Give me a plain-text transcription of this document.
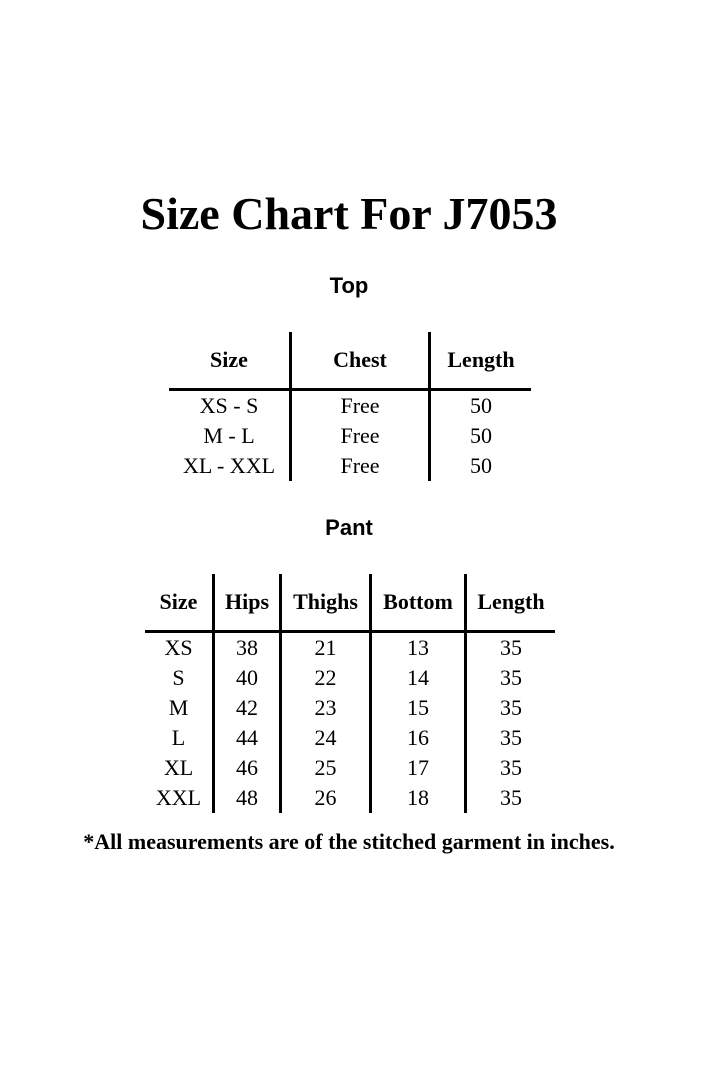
Size Chart For J7053
Top
Size	Chest	Length
XS - S	Free	50
M - L	Free	50
XL - XXL	Free	50
Pant
Size	Hips	Thighs	Bottom	Length
XS	38	21	13	35
S	40	22	14	35
M	42	23	15	35
L	44	24	16	35
XL	46	25	17	35
XXL	48	26	18	35
*All measurements are of the stitched garment in inches.
